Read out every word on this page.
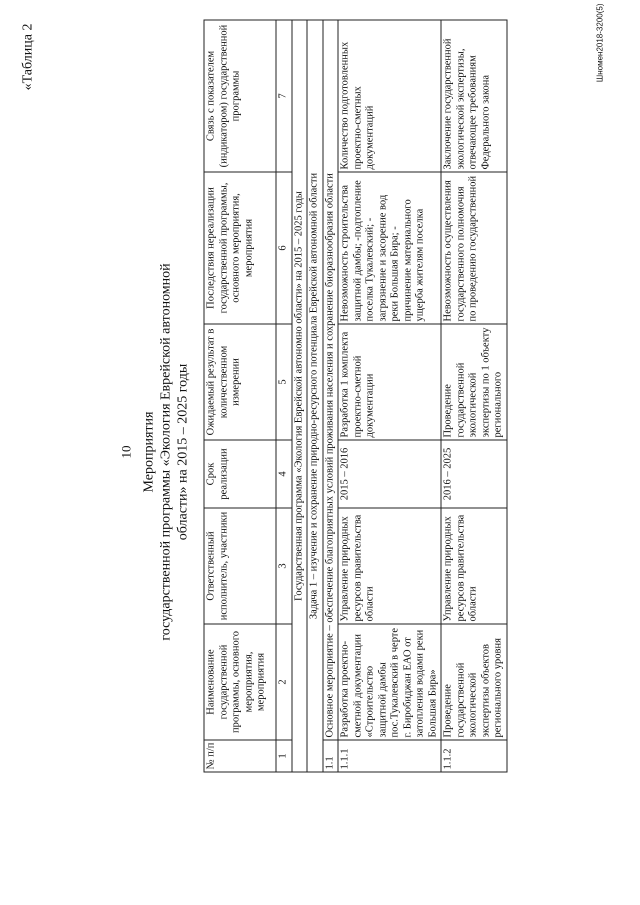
«Таблица 2
10 Мероприятия государственной программы «Экология Еврейской автономной области» на 2015 – 2025 годы
№ п/п	Наименование государственной программы, основного мероприятия, мероприятия	Ответственный исполнитель, участники	Срок реализации	Ожидаемый результат в количественном измерении	Последствия нереализации государственной программы, основного мероприятия, мероприятия	Связь с показателем (индикатором) государственной программы
1	2	3	4	5	6	7
Государственная программа «Экология Еврейской автономно области» на 2015 – 2025 годы						
Задача 1 – изучение и сохранение природно-ресурсного потенциала Еврейской автономной области						
1.1	Основное мероприятие – обеспечение благоприятных условий проживания населения и сохранение биоразнообразия области					
1.1.1	Разработка проектно-сметной документации «Строительство защитной дамбы пос.Тукалевский в черте г. Биробиджан ЕАО от затопления водами реки Большая Бира»	Управление природных ресурсов правительства области	2015 – 2016	Разработка 1 комплекта проектно-сметной документации	Невозможность строительства защитной дамбы; -подтопление поселка Тукалевский; - загрязнение и засорение вод реки Большая Бира; - причинение материального ущерба жителям поселка	Количество подготовленных проектно-сметных документаций
1.1.2	Проведение государственной экологической экспертизы объектов регионального уровня	Управление природных ресурсов правительства области	2016 – 2025	Проведение государственной экологической экспертизы по 1 объекту регионального	Невозможность осуществления государственного полномочия по проведению государственной	Заключение государственной экологической экспертизы, отвечающее требованиям Федерального закона
Шномен2018-3200(5)
